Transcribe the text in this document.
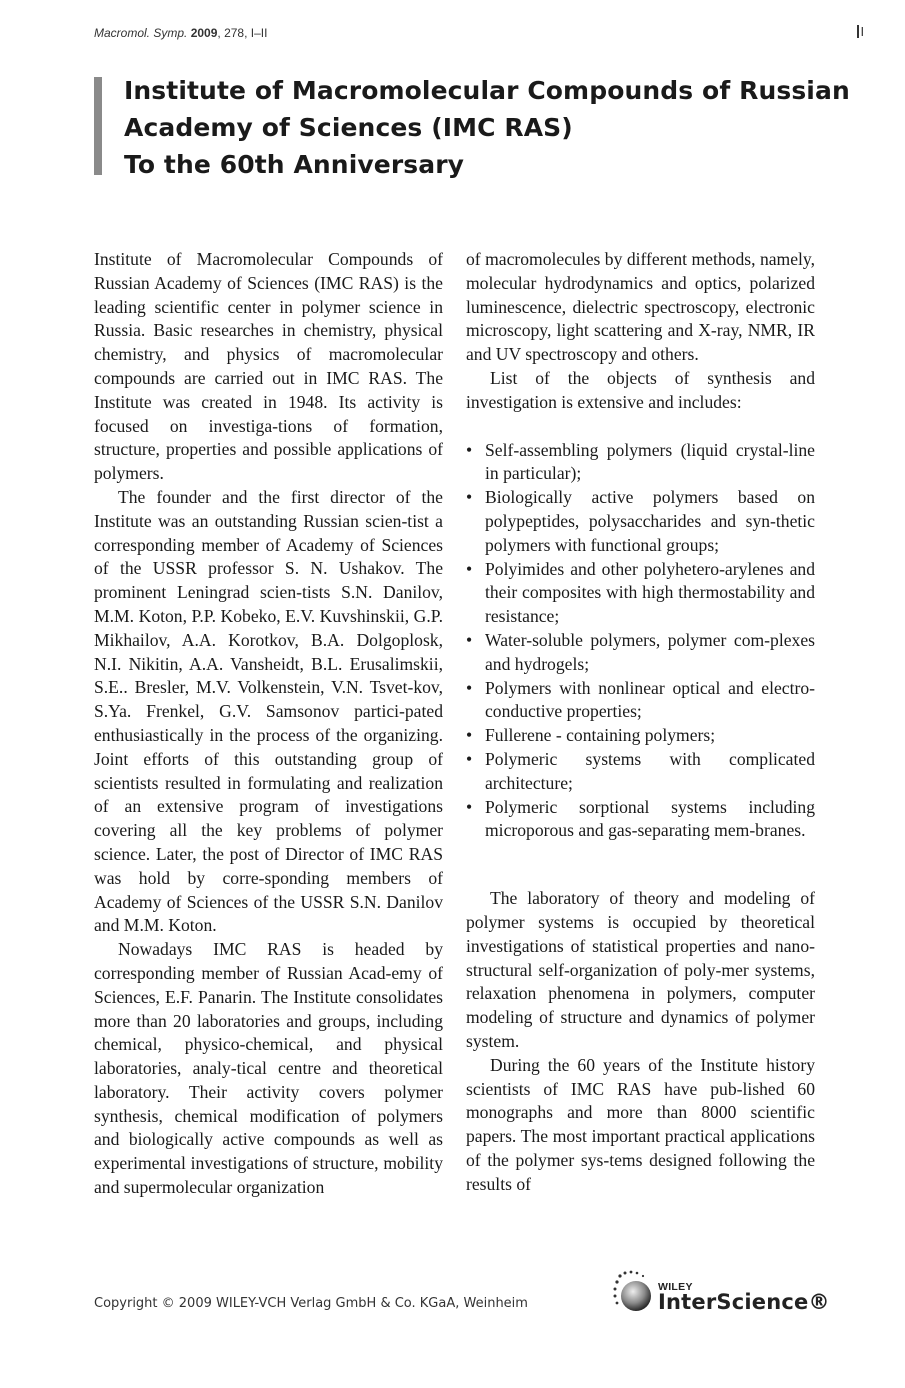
Macromol. Symp. 2009, 278, I–II	I
Institute of Macromolecular Compounds of Russian
Academy of Sciences (IMC RAS)
To the 60th Anniversary

Institute of Macromolecular Compounds of Russian Academy of Sciences (IMC RAS) is the leading scientific center in polymer science in Russia. Basic researches in chemistry, physical chemistry, and physics of macromolecular compounds are carried out in IMC RAS. The Institute was created in 1948. Its activity is focused on investiga-tions of formation, structure, properties and possible applications of polymers.

The founder and the first director of the Institute was an outstanding Russian scien-tist a corresponding member of Academy of Sciences of the USSR professor S. N. Ushakov. The prominent Leningrad scien-tists S.N. Danilov, M.M. Koton, P.P. Kobeko, E.V. Kuvshinskii, G.P. Mikhailov, A.A. Korotkov, B.A. Dolgoplosk, N.I. Nikitin, A.A. Vansheidt, B.L. Erusalimskii, S.E.. Bresler, M.V. Volkenstein, V.N. Tsvet-kov, S.Ya. Frenkel, G.V. Samsonov partici-pated enthusiastically in the process of the organizing. Joint efforts of this outstanding group of scientists resulted in formulating and realization of an extensive program of investigations covering all the key problems of polymer science. Later, the post of Director of IMC RAS was hold by corre-sponding members of Academy of Sciences of the USSR S.N. Danilov and M.M. Koton.

Nowadays IMC RAS is headed by corresponding member of Russian Acad-emy of Sciences, E.F. Panarin. The Institute consolidates more than 20 laboratories and groups, including chemical, physico-chemical, and physical laboratories, analy-tical centre and theoretical laboratory. Their activity covers polymer synthesis, chemical modification of polymers and biologically active compounds as well as experimental investigations of structure, mobility and supermolecular organization

of macromolecules by different methods, namely, molecular hydrodynamics and optics, polarized luminescence, dielectric spectroscopy, electronic microscopy, light scattering and X-ray, NMR, IR and UV spectroscopy and others.

List of the objects of synthesis and investigation is extensive and includes:

• Self-assembling polymers (liquid crystal-line in particular);
• Biologically active polymers based on polypeptides, polysaccharides and syn-thetic polymers with functional groups;
• Polyimides and other polyhetero-arylenes and their composites with high thermostability and resistance;
• Water-soluble polymers, polymer com-plexes and hydrogels;
• Polymers with nonlinear optical and electro-conductive properties;
• Fullerene - containing polymers;
• Polymeric systems with complicated architecture;
• Polymeric sorptional systems including microporous and gas-separating mem-branes.

The laboratory of theory and modeling of polymer systems is occupied by theoretical investigations of statistical properties and nano-structural self-organization of poly-mer systems, relaxation phenomena in polymers, computer modeling of structure and dynamics of polymer system.

During the 60 years of the Institute history scientists of IMC RAS have pub-lished 60 monographs and more than 8000 scientific papers. The most important practical applications of the polymer sys-tems designed following the results of

Copyright © 2009 WILEY-VCH Verlag GmbH & Co. KGaA, Weinheim
WILEY
InterScience®
